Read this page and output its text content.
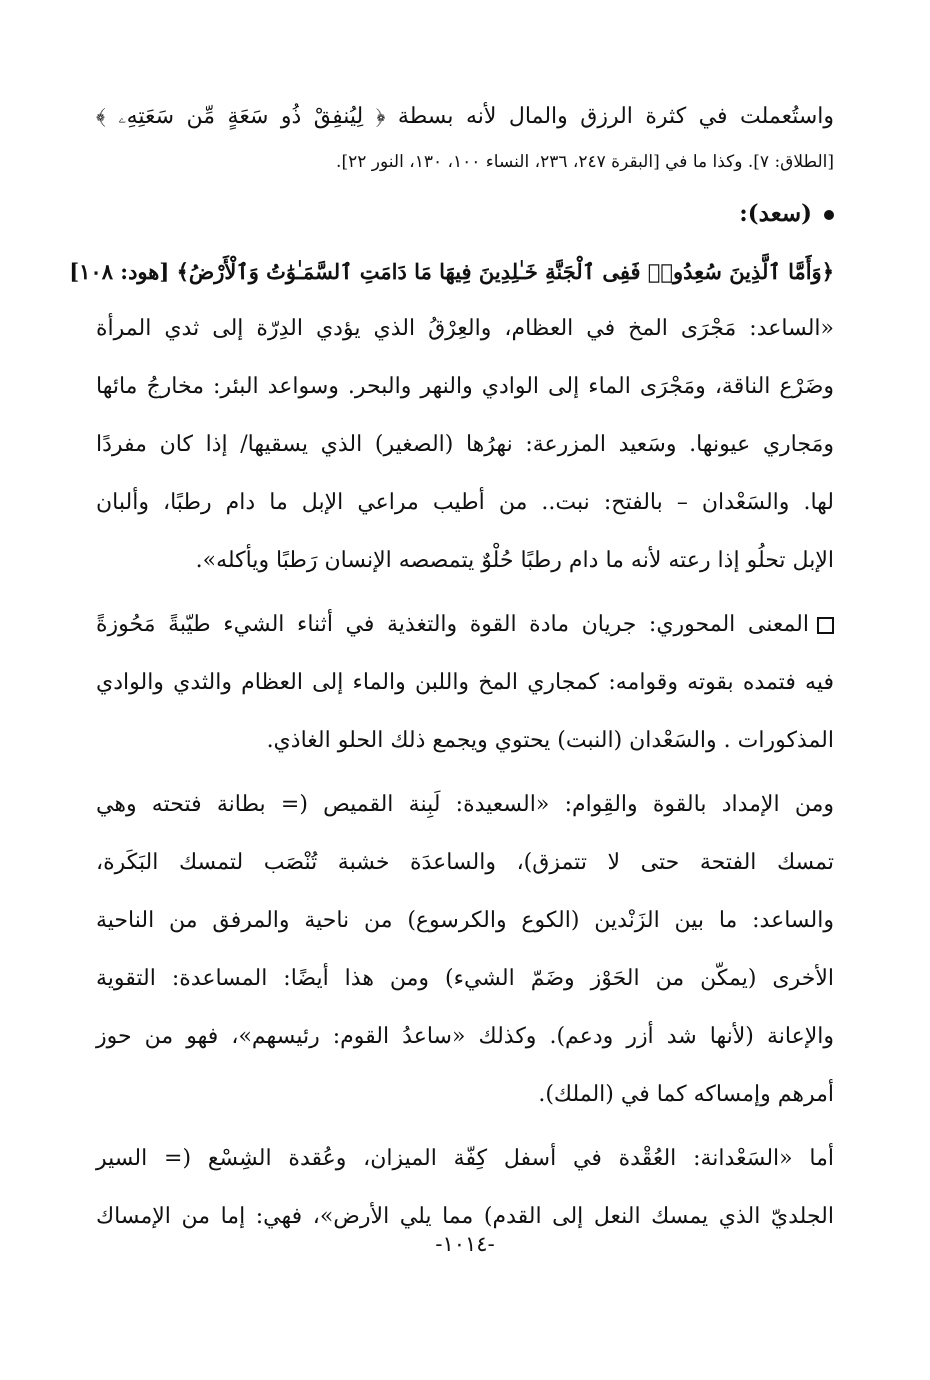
واستُعملت في كثرة الرزق والمال لأنه بسطة ﴿ لِيُنفِقْ ذُو سَعَةٍ مِّن سَعَتِهِۦ ﴾
[الطلاق: ٧]. وكذا ما في [البقرة ٢٤٧، ٢٣٦، النساء ١٠٠، ١٣٠، النور ٢٢].
(سعد):
﴿وَأَمَّا ٱلَّذِينَ سُعِدُوا۟ فَفِى ٱلْجَنَّةِ خَـٰلِدِينَ فِيهَا مَا دَامَتِ ٱلسَّمَـٰوَٰتُ وَٱلْأَرْضُ﴾ [هود: ١٠٨]
«الساعد: مَجْرَى المخ في العظام، والعِرْقُ الذي يؤدي الدِرّة إلى ثدي المرأة
وضَرْع الناقة، ومَجْرَى الماء إلى الوادي والنهر والبحر. وسواعد البئر: مخارجُ مائها
ومَجاري عيونها. وسَعيد المزرعة: نهرُها (الصغير) الذي يسقيها/ إذا كان مفردًا
لها. والسَعْدان – بالفتح: نبت.. من أطيب مراعي الإبل ما دام رطبًا، وألبان
الإبل تحلُو إذا رعته لأنه ما دام رطبًا حُلْوٌ يتمصصه الإنسان رَطبًا ويأكله».
المعنى المحوري: جريان مادة القوة والتغذية في أثناء الشيء طيّبةً مَحُوزةً
فيه فتمده بقوته وقوامه: كمجاري المخ واللبن والماء إلى العظام والثدي والوادي
المذكورات . والسَعْدان (النبت) يحتوي ويجمع ذلك الحلو الغاذي.
ومن الإمداد بالقوة والقِوام: «السعيدة: لَبِنة القميص (= بطانة فتحته وهي
تمسك الفتحة حتى لا تتمزق)، والساعدَة خشبة تُنْصَب لتمسك البَكَرة،
والساعد: ما بين الزَنْدين (الكوع والكرسوع) من ناحية والمرفق من الناحية
الأخرى (يمكّن من الحَوْز وضَمّ الشيء) ومن هذا أيضًا: المساعدة: التقوية
والإعانة (لأنها شد أزر ودعم). وكذلك «ساعدُ القوم: رئيسهم»، فهو من حوز
أمرهم وإمساكه كما في (الملك).
أما «السَعْدانة: العُقْدة في أسفل كِفّة الميزان، وعُقدة الشِسْع (= السير
الجلديّ الذي يمسك النعل إلى القدم) مما يلي الأرض»، فهي: إما من الإمساك
-١٠١٤-
